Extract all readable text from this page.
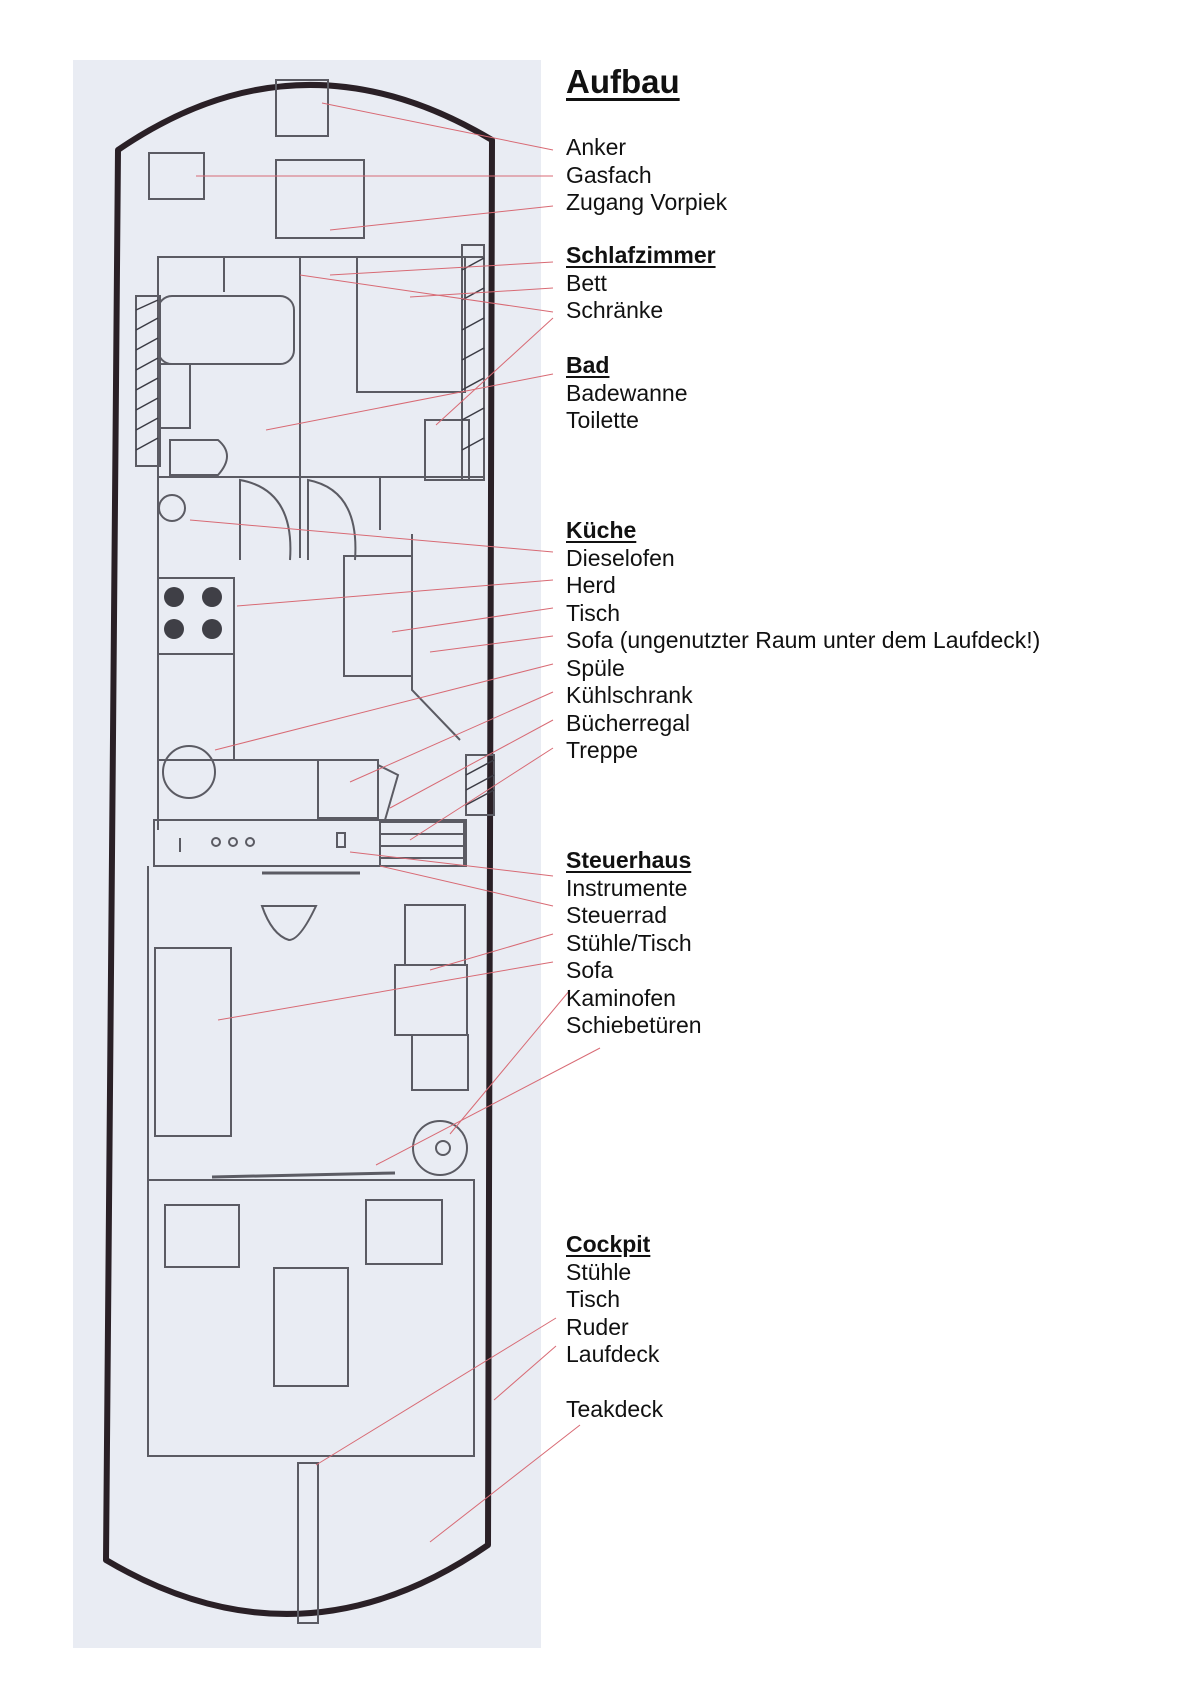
Aufbau
Anker
Gasfach
Zugang Vorpiek
Schlafzimmer
Bett
Schränke
Bad
Badewanne
Toilette
Küche
Dieselofen
Herd
Tisch
Sofa (ungenutzter Raum unter dem Laufdeck!)
Spüle
Kühlschrank
Bücherregal
Treppe
Steuerhaus
Instrumente
Steuerrad
Stühle/Tisch
Sofa
Kaminofen
Schiebetüren
Cockpit
Stühle
Tisch
Ruder
Laufdeck
Teakdeck
